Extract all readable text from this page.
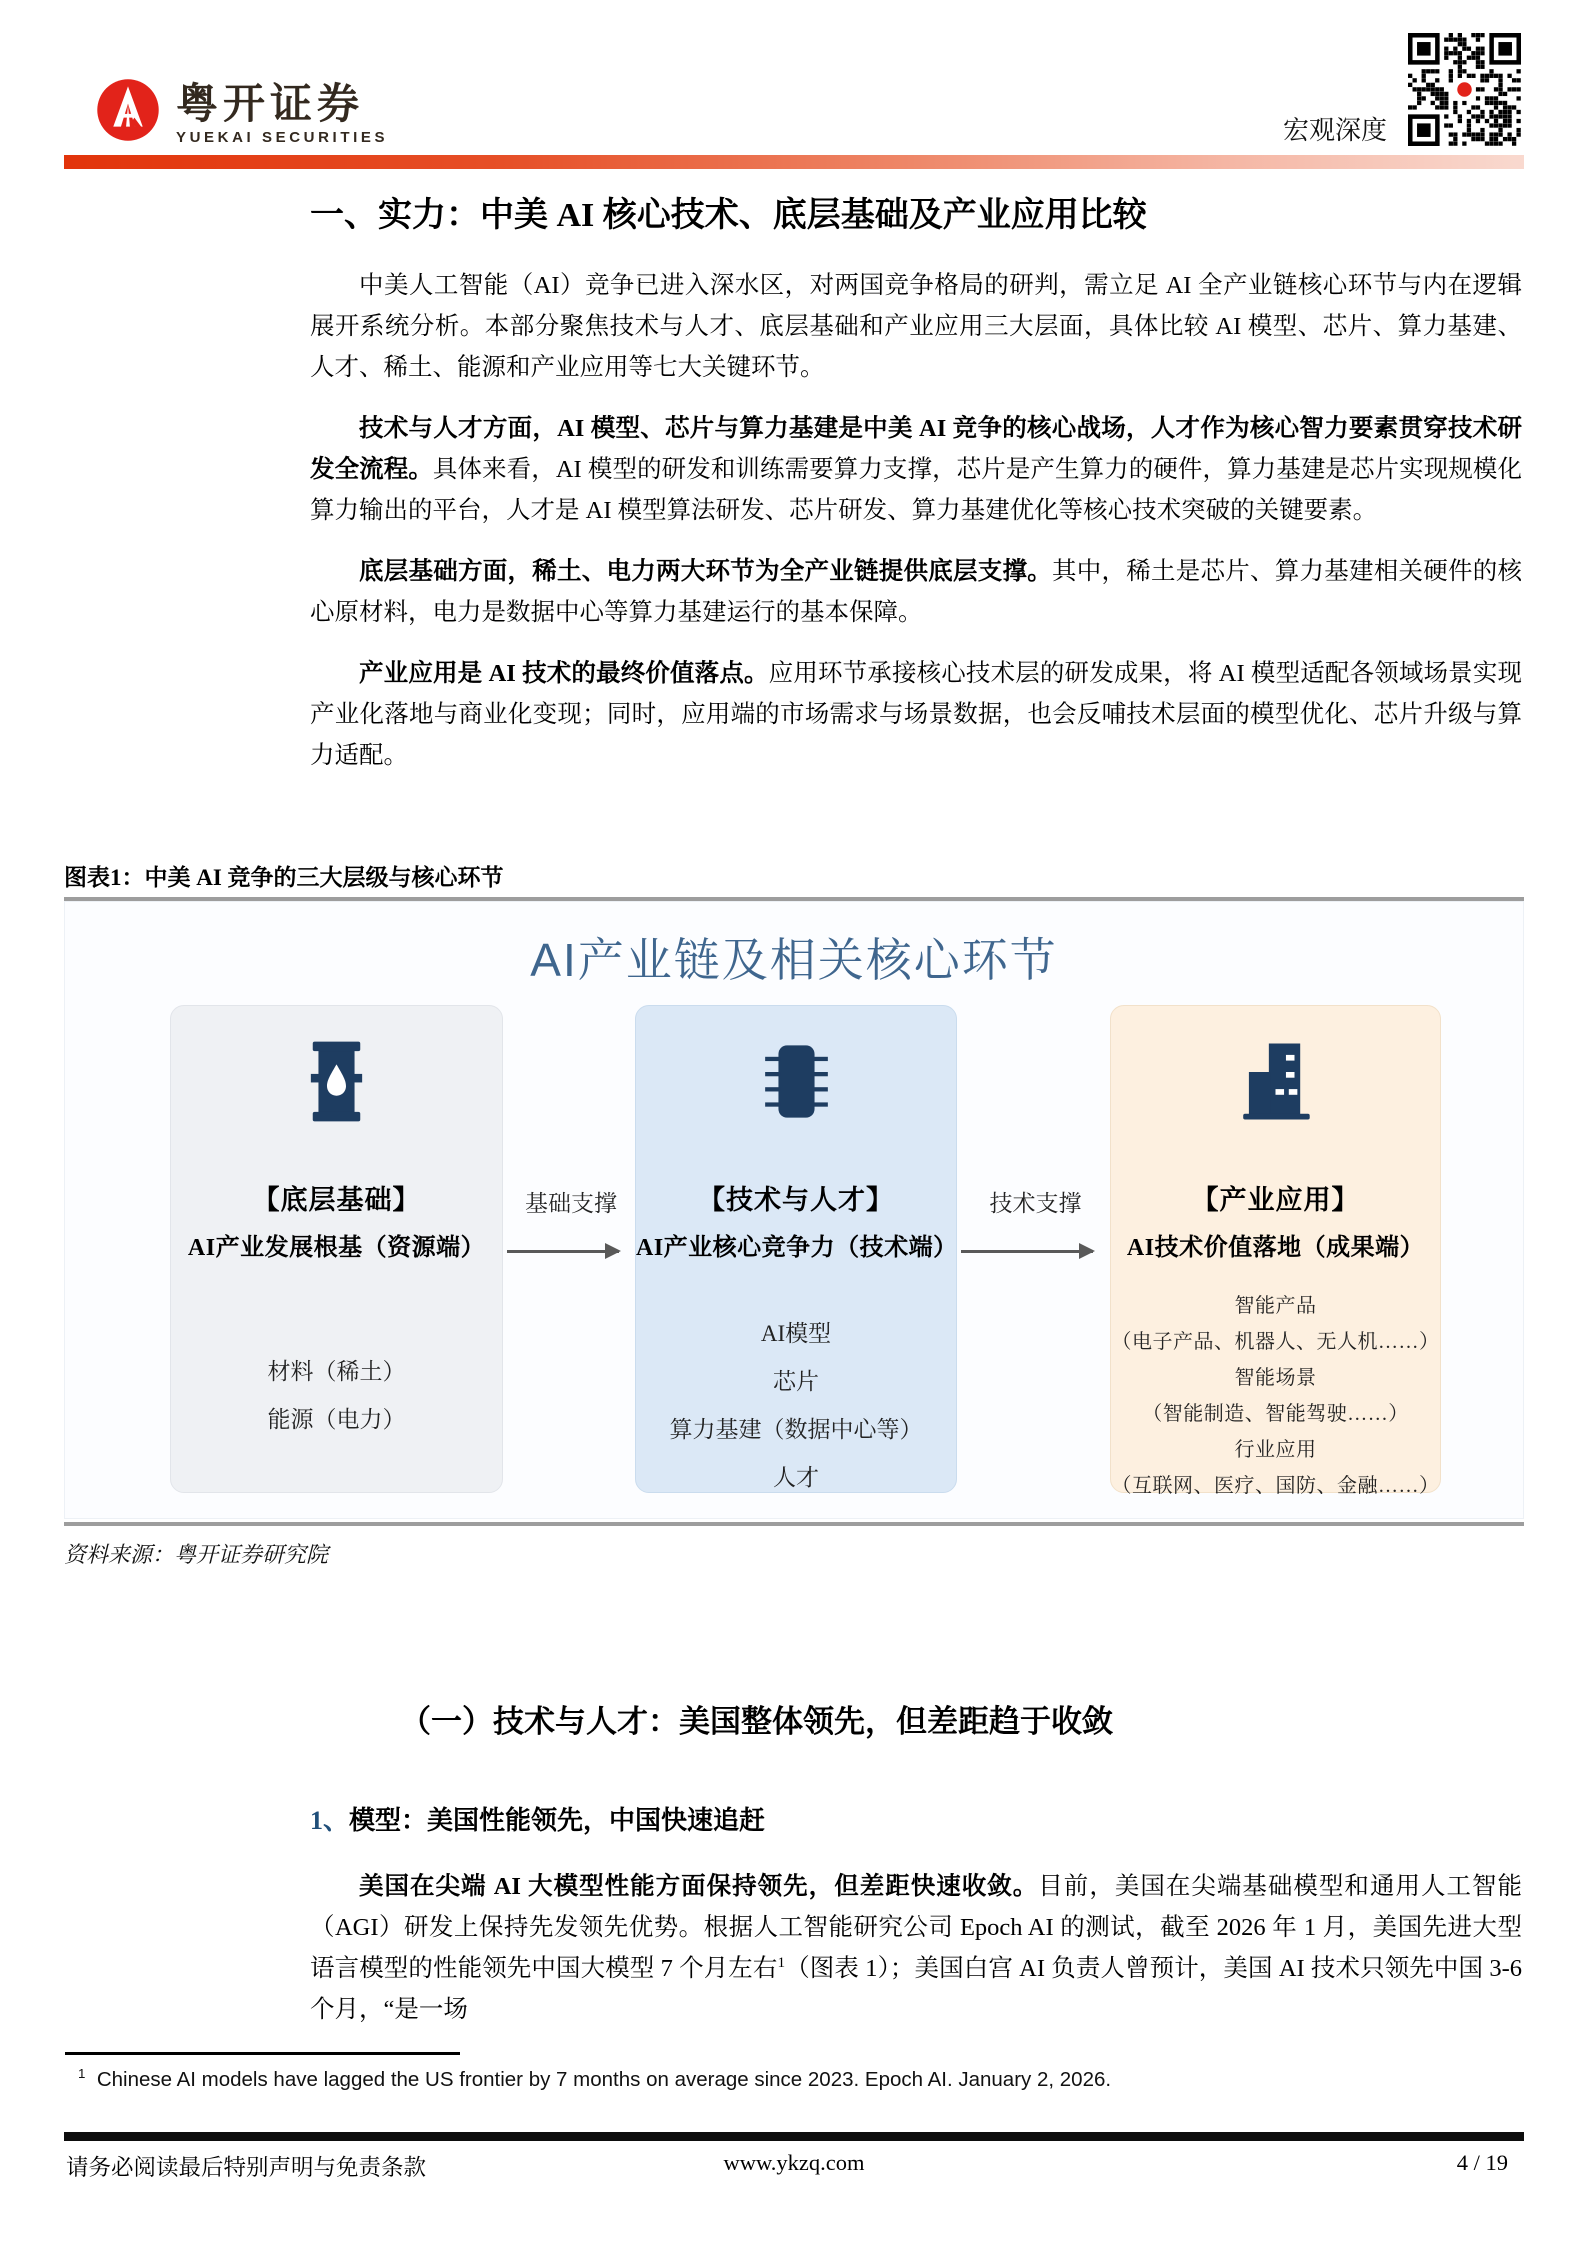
粤开证券
YUEKAI SECURITIES	宏观深度
一、实力：中美 AI 核心技术、底层基础及产业应用比较

中美人工智能（AI）竞争已进入深水区，对两国竞争格局的研判，需立足 AI 全产业链核心环节与内在逻辑展开系统分析。本部分聚焦技术与人才、底层基础和产业应用三大层面，具体比较 AI 模型、芯片、算力基建、人才、稀土、能源和产业应用等七大关键环节。

技术与人才方面，AI 模型、芯片与算力基建是中美 AI 竞争的核心战场，人才作为核心智力要素贯穿技术研发全流程。具体来看，AI 模型的研发和训练需要算力支撑，芯片是产生算力的硬件，算力基建是芯片实现规模化算力输出的平台，人才是 AI 模型算法研发、芯片研发、算力基建优化等核心技术突破的关键要素。

底层基础方面，稀土、电力两大环节为全产业链提供底层支撑。其中，稀土是芯片、算力基建相关硬件的核心原材料，电力是数据中心等算力基建运行的基本保障。

产业应用是 AI 技术的最终价值落点。应用环节承接核心技术层的研发成果，将 AI 模型适配各领域场景实现产业化落地与商业化变现；同时，应用端的市场需求与场景数据，也会反哺技术层面的模型优化、芯片升级与算力适配。

图表1：中美 AI 竞争的三大层级与核心环节
AI产业链及相关核心环节
【底层基础】
AI产业发展根基（资源端）
材料（稀土）
能源（电力）
基础支撑	【技术与人才】
AI产业核心竞争力（技术端）
AI模型
芯片
算力基建（数据中心等）
人才
技术支撑	【产业应用】
AI技术价值落地（成果端）
智能产品
（电子产品、机器人、无人机……）
智能场景
（智能制造、智能驾驶……）
行业应用
（互联网、医疗、国防、金融……）
资料来源：粤开证券研究院
（一）技术与人才：美国整体领先，但差距趋于收敛
1、模型：美国性能领先，中国快速追赶

美国在尖端 AI 大模型性能方面保持领先，但差距快速收敛。目前，美国在尖端基础模型和通用人工智能（AGI）研发上保持先发领先优势。根据人工智能研究公司 Epoch AI 的测试，截至 2026 年 1 月，美国先进大型语言模型的性能领先中国大模型 7 个月左右$^1$（图表 1）；美国白宫 AI 负责人曾预计，美国 AI 技术只领先中国 3-6 个月，“是一场

$^1$ Chinese AI models have lagged the US frontier by 7 months on average since 2023. Epoch AI. January 2, 2026.
请务必阅读最后特别声明与免责条款	www.ykzq.com	4 / 19
